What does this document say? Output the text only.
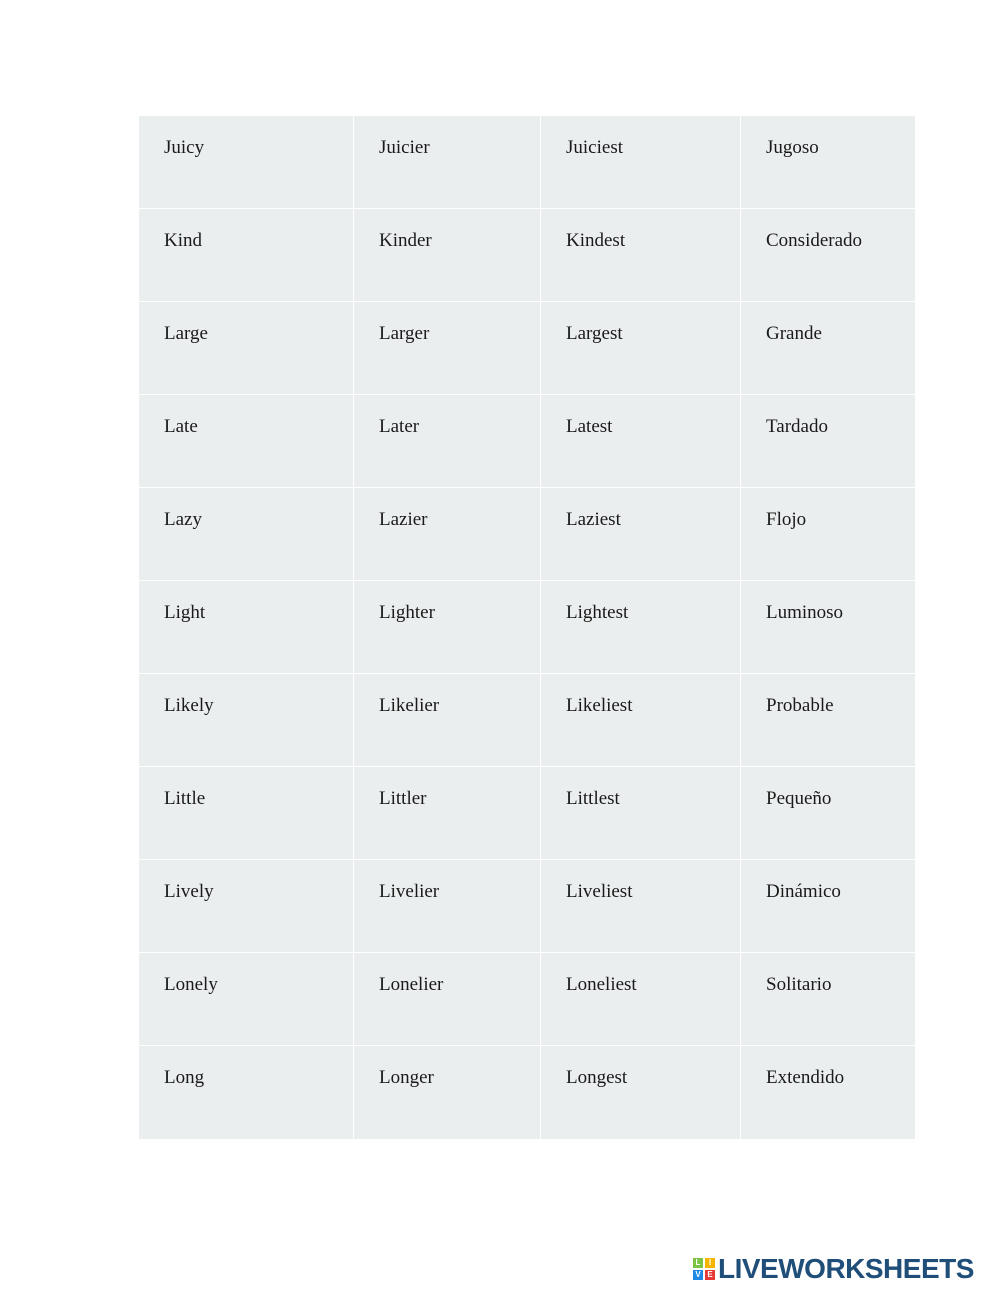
Juicy	Juicier	Juiciest	Jugoso
Kind	Kinder	Kindest	Considerado
Large	Larger	Largest	Grande
Late	Later	Latest	Tardado
Lazy	Lazier	Laziest	Flojo
Light	Lighter	Lightest	Luminoso
Likely	Likelier	Likeliest	Probable
Little	Littler	Littlest	Pequeño
Lively	Livelier	Liveliest	Dinámico
Lonely	Lonelier	Loneliest	Solitario
Long	Longer	Longest	Extendido
L	I
V E LIVEWORKSHEETS
